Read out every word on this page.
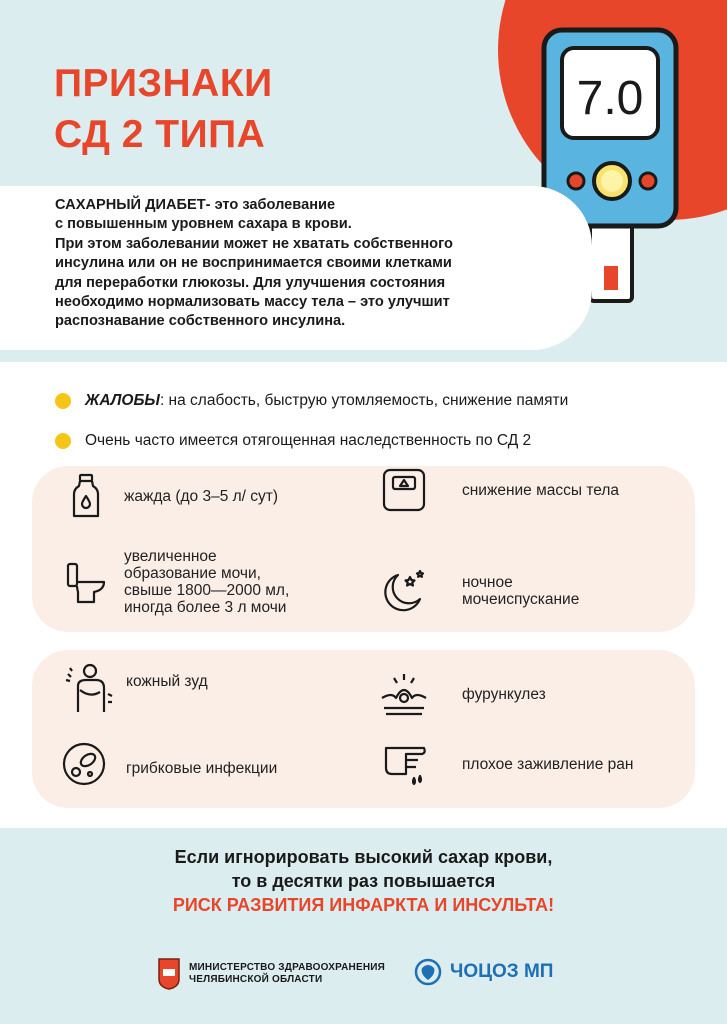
ПРИЗНАКИ
СД 2 ТИПА
7.0

САХАРНЫЙ ДИАБЕТ- это заболевание
с повышенным уровнем сахара в крови.
При этом заболевании может не хватать собственного
инсулина или он не воспринимается своими клетками
для переработки глюкозы. Для улучшения состояния
необходимо нормализовать массу тела – это улучшит
распознавание собственного инсулина.

ЖАЛОБЫ: на слабость, быструю утомляемость, снижение памяти
Очень часто имеется отягощенная наследственность по СД 2
жажда (до 3–5 л/ сут)	снижение массы тела
увеличенное
образование мочи,
свыше 1800—2000 мл,
иногда более 3 л мочи
ночное
мочеиспускание
кожный зуд
фурункулез
грибковые инфекции	плохое заживление ран
Если игнорировать высокий сахар крови,
то в десятки раз повышается
РИСК РАЗВИТИЯ ИНФАРКТА И ИНСУЛЬТА!
МИНИСТЕРСТВО ЗДРАВООХРАНЕНИЯ
ЧЕЛЯБИНСКОЙ ОБЛАСТИ	ЧОЦОЗ МП
